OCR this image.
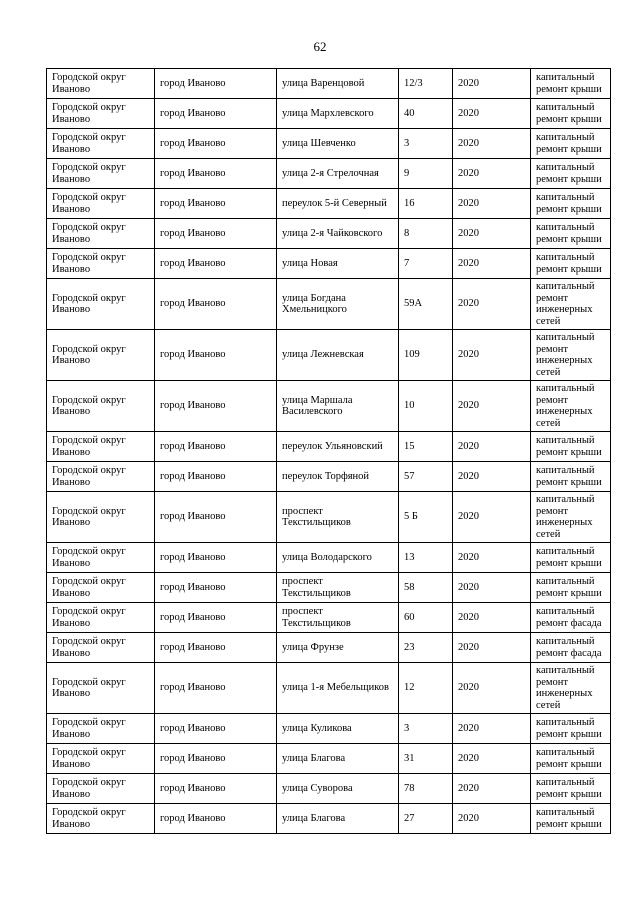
62
Городской округ Иваново	город Иваново	улица Варенцовой	12/3	2020	капитальный ремонт крыши
Городской округ Иваново	город Иваново	улица Мархлевского	40	2020	капитальный ремонт крыши
Городской округ Иваново	город Иваново	улица Шевченко	3	2020	капитальный ремонт крыши
Городской округ Иваново	город Иваново	улица 2-я Стрелочная	9	2020	капитальный ремонт крыши
Городской округ Иваново	город Иваново	переулок 5-й Северный	16	2020	капитальный ремонт крыши
Городской округ Иваново	город Иваново	улица 2-я Чайковского	8	2020	капитальный ремонт крыши
Городской округ Иваново	город Иваново	улица Новая	7	2020	капитальный ремонт крыши
Городской округ Иваново	город Иваново	улица Богдана Хмельницкого	59А	2020	капитальный ремонт инженерных сетей
Городской округ Иваново	город Иваново	улица Лежневская	109	2020	капитальный ремонт инженерных сетей
Городской округ Иваново	город Иваново	улица Маршала Василевского	10	2020	капитальный ремонт инженерных сетей
Городской округ Иваново	город Иваново	переулок Ульяновский	15	2020	капитальный ремонт крыши
Городской округ Иваново	город Иваново	переулок Торфяной	57	2020	капитальный ремонт крыши
Городской округ Иваново	город Иваново	проспект Текстильщиков	5 Б	2020	капитальный ремонт инженерных сетей
Городской округ Иваново	город Иваново	улица Володарского	13	2020	капитальный ремонт крыши
Городской округ Иваново	город Иваново	проспект Текстильщиков	58	2020	капитальный ремонт крыши
Городской округ Иваново	город Иваново	проспект Текстильщиков	60	2020	капитальный ремонт фасада
Городской округ Иваново	город Иваново	улица Фрунзе	23	2020	капитальный ремонт фасада
Городской округ Иваново	город Иваново	улица 1-я Мебельщиков	12	2020	капитальный ремонт инженерных сетей
Городской округ Иваново	город Иваново	улица Куликова	3	2020	капитальный ремонт крыши
Городской округ Иваново	город Иваново	улица Благова	31	2020	капитальный ремонт крыши
Городской округ Иваново	город Иваново	улица Суворова	78	2020	капитальный ремонт крыши
Городской округ Иваново	город Иваново	улица Благова	27	2020	капитальный ремонт крыши
